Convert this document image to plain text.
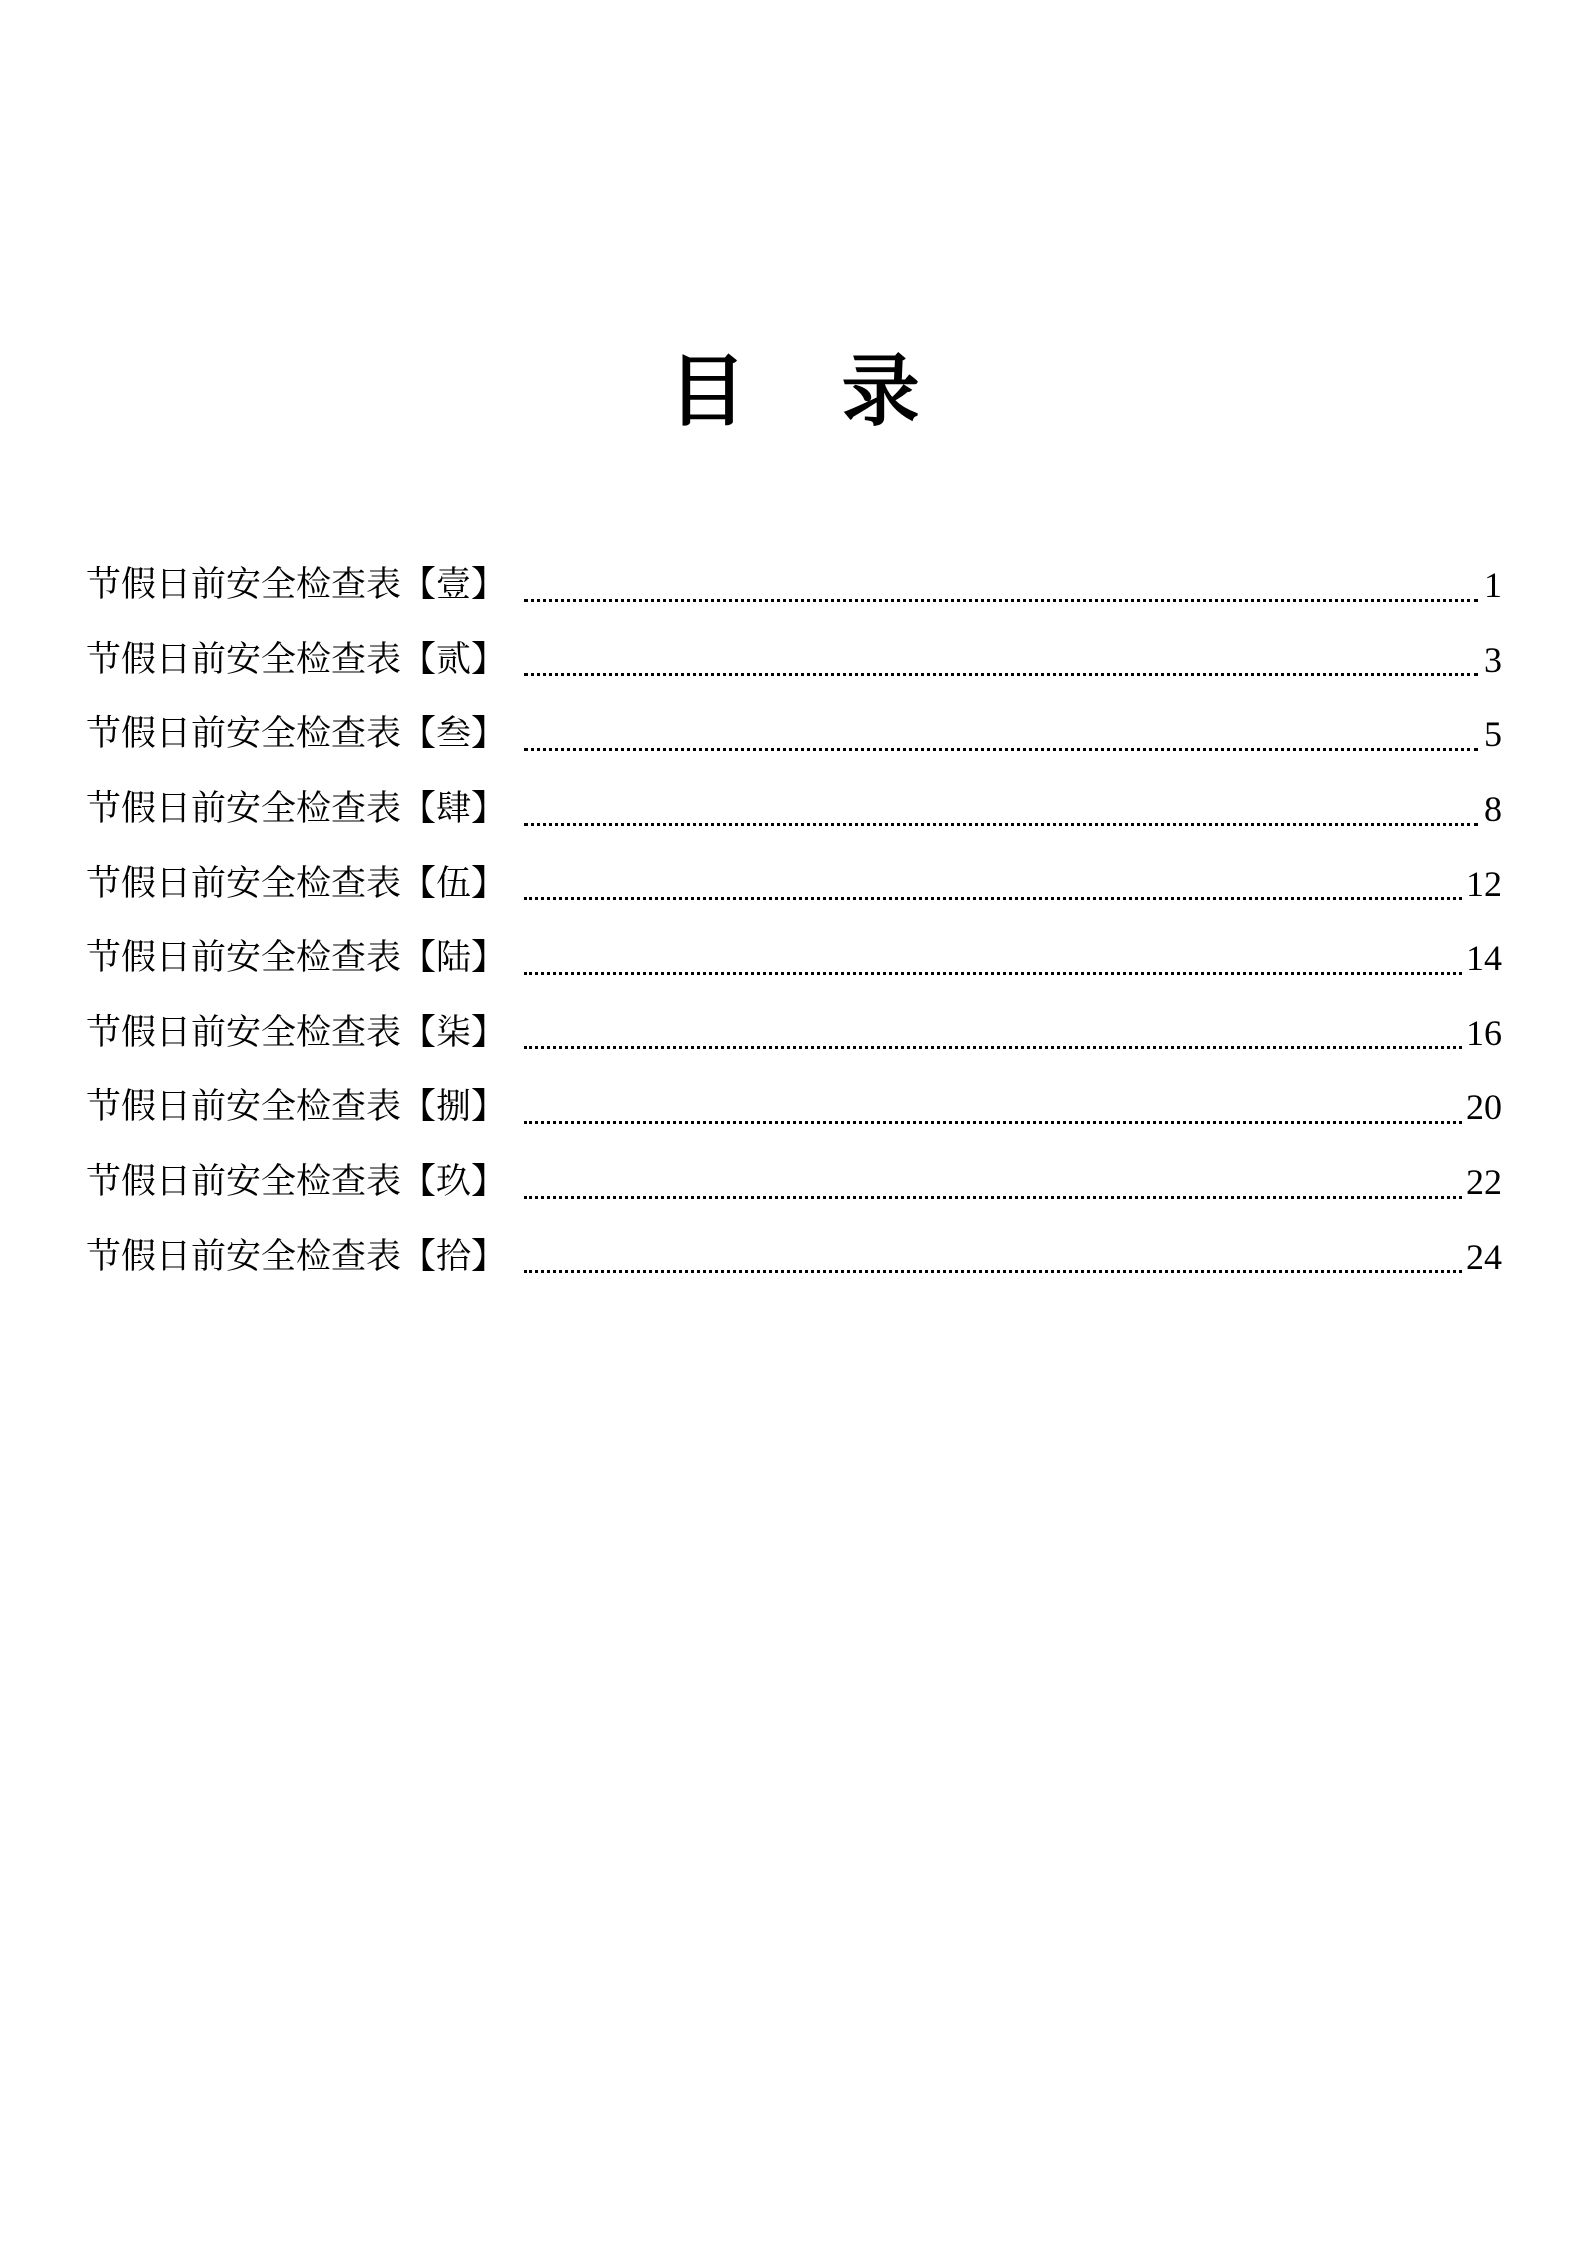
目 录
节假日前安全检查表【壹】	1
节假日前安全检查表【贰】	3
节假日前安全检查表【叁】	5
节假日前安全检查表【肆】	8
节假日前安全检查表【伍】	12
节假日前安全检查表【陆】	14
节假日前安全检查表【柒】	16
节假日前安全检查表【捌】	20
节假日前安全检查表【玖】	22
节假日前安全检查表【拾】	24
